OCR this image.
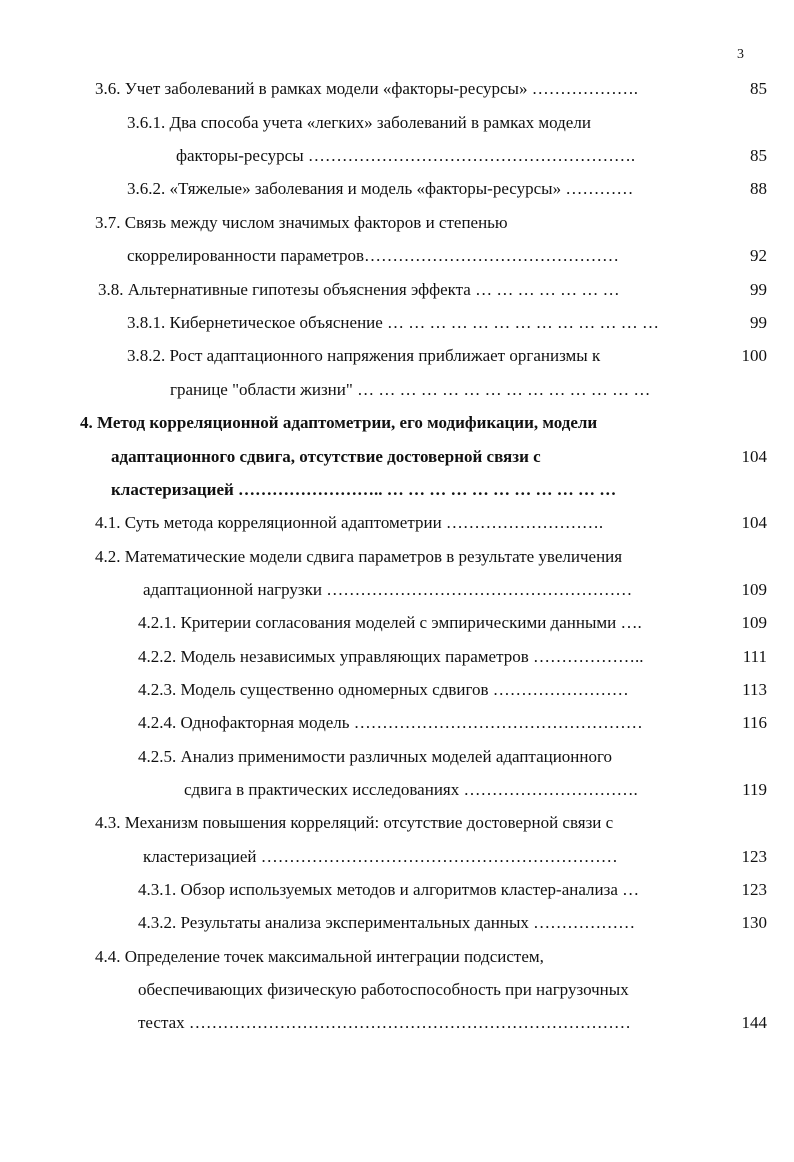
3
3.6. Учет заболеваний в рамках модели «факторы-ресурсы» ……………….
3.6.1. Два способа учета «легких» заболеваний в рамках модели
факторы-ресурсы ………………………………………………….
3.6.2. «Тяжелые» заболевания и модель «факторы-ресурсы» …………
3.7. Связь между числом значимых факторов и степенью
скоррелированности параметров………………………………………
3.8. Альтернативные гипотезы объяснения эффекта … … … … … … …
3.8.1. Кибернетическое объяснение … … … … … … … … … … … … …
3.8.2. Рост адаптационного напряжения приближает организмы к
границе "области жизни" … … … … … … … … … … … … … …
4. Метод корреляционной адаптометрии, его модификации, модели
адаптационного сдвига, отсутствие достоверной связи с
кластеризацией …………………….. … … … … … … … … … … …
4.1. Суть метода корреляционной адаптометрии ……………………….
4.2. Математические модели сдвига параметров в результате увеличения
адаптационной нагрузки ………………………………………………
4.2.1. Критерии согласования моделей с эмпирическими данными ….
4.2.2. Модель независимых управляющих параметров ………………..
4.2.3. Модель существенно одномерных сдвигов ……………………
4.2.4. Однофакторная модель ……………………………………………
4.2.5. Анализ применимости различных моделей адаптационного
сдвига в практических исследованиях ………………………….
4.3. Механизм повышения корреляций: отсутствие достоверной связи с
кластеризацией ………………………………………………………
4.3.1. Обзор используемых методов и алгоритмов кластер-анализа …
4.3.2. Результаты анализа экспериментальных данных ………………
4.4. Определение точек максимальной интеграции подсистем,
обеспечивающих физическую работоспособность при нагрузочных
тестах ……………………………………………………………………
85
85
88
92
99
99
100
104
104
109
109
111
113
116
119
123
123
130
144
